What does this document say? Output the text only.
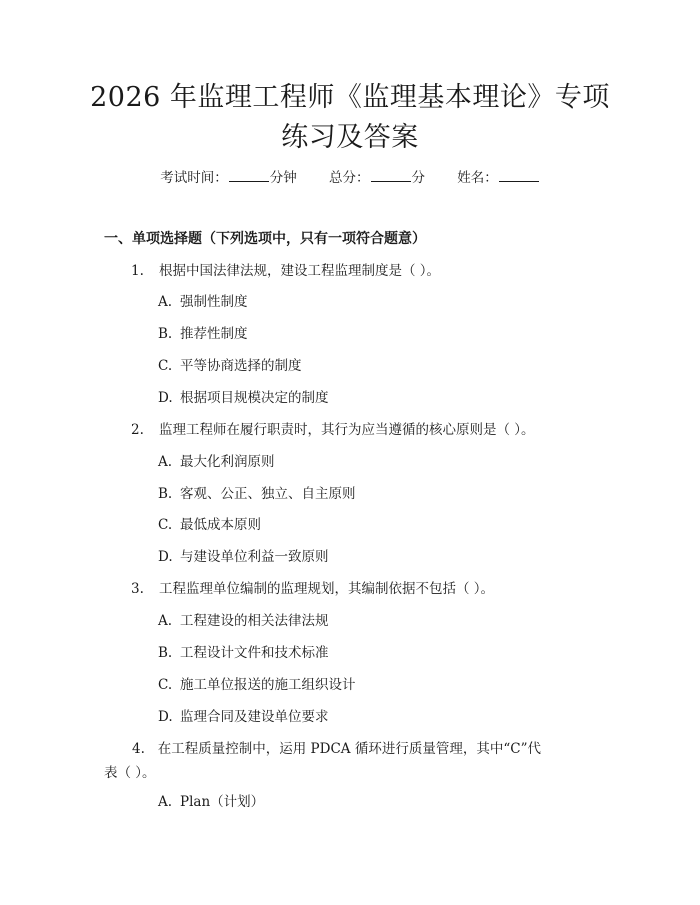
2026 年监理工程师《监理基本理论》专项练习及答案
考试时间：	分钟 总分：	分 姓名：
一、单项选择题（下列选项中，只有一项符合题意）
1. 根据中国法律法规，建设工程监理制度是（ ）。
A. 强制性制度
B. 推荐性制度
C. 平等协商选择的制度
D. 根据项目规模决定的制度
2. 监理工程师在履行职责时，其行为应当遵循的核心原则是（ ）。
A. 最大化利润原则
B. 客观、公正、独立、自主原则
C. 最低成本原则
D. 与建设单位利益一致原则
3. 工程监理单位编制的监理规划，其编制依据不包括（ ）。
A. 工程建设的相关法律法规
B. 工程设计文件和技术标准
C. 施工单位报送的施工组织设计
D. 监理合同及建设单位要求
4. 在工程质量控制中，运用 PDCA 循环进行质量管理，其中“C”代表（ ）。
A. Plan（计划）
